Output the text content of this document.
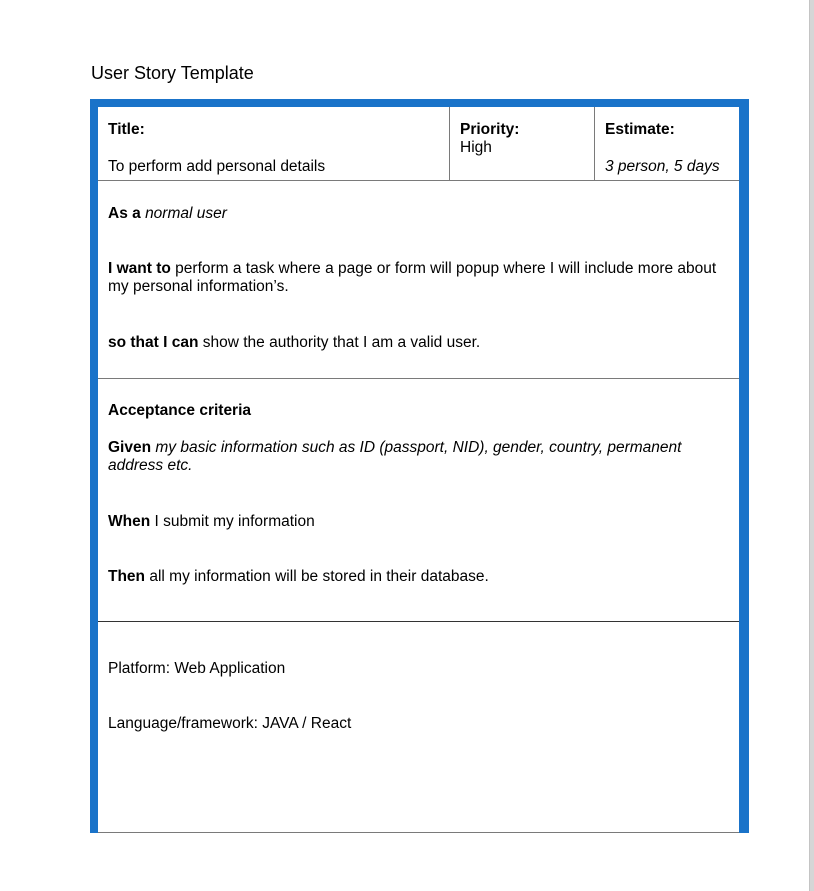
User Story Template
Title:
To perform add personal details
Priority:
High
Estimate:
3 person, 5 days
As a normal user
I want to perform a task where a page or form will popup where I will include more about my personal information’s.
so that I can show the authority that I am a valid user.
Acceptance criteria
Given my basic information such as ID (passport, NID), gender, country, permanent address etc.
When I submit my information
Then all my information will be stored in their database.
Platform: Web Application
Language/framework: JAVA / React
